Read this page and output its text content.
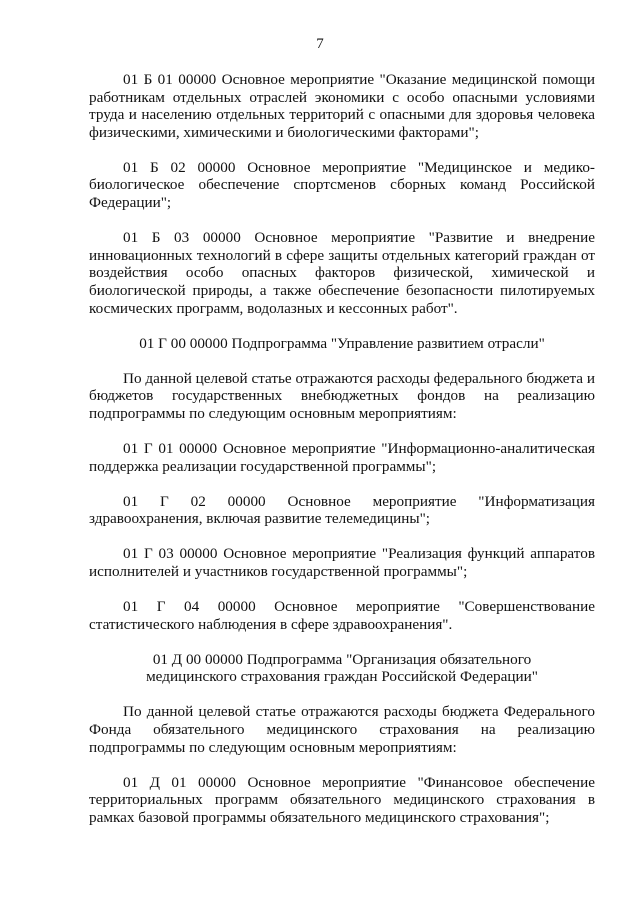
7

01 Б 01 00000 Основное мероприятие "Оказание медицинской помощи работникам отдельных отраслей экономики с особо опасными условиями труда и населению отдельных территорий с опасными для здоровья человека физическими, химическими и биологическими факторами";

01 Б 02 00000 Основное мероприятие "Медицинское и медико-биологическое обеспечение спортсменов сборных команд Российской Федерации";

01 Б 03 00000 Основное мероприятие "Развитие и внедрение инновационных технологий в сфере защиты отдельных категорий граждан от воздействия особо опасных факторов физической, химической и биологической природы, а также обеспечение безопасности пилотируемых космических программ, водолазных и кессонных работ".

01 Г 00 00000 Подпрограмма "Управление развитием отрасли"

По данной целевой статье отражаются расходы федерального бюджета и бюджетов государственных внебюджетных фондов на реализацию подпрограммы по следующим основным мероприятиям:

01 Г 01 00000 Основное мероприятие "Информационно-аналитическая поддержка реализации государственной программы";

01 Г 02 00000 Основное мероприятие "Информатизация здравоохранения, включая развитие телемедицины";

01 Г 03 00000 Основное мероприятие "Реализация функций аппаратов исполнителей и участников государственной программы";

01 Г 04 00000 Основное мероприятие "Совершенствование статистического наблюдения в сфере здравоохранения".

01 Д 00 00000 Подпрограмма "Организация обязательного
медицинского страхования граждан Российской Федерации"

По данной целевой статье отражаются расходы бюджета Федерального Фонда обязательного медицинского страхования на реализацию подпрограммы по следующим основным мероприятиям:

01 Д 01 00000 Основное мероприятие "Финансовое обеспечение территориальных программ обязательного медицинского страхования в рамках базовой программы обязательного медицинского страхования";
